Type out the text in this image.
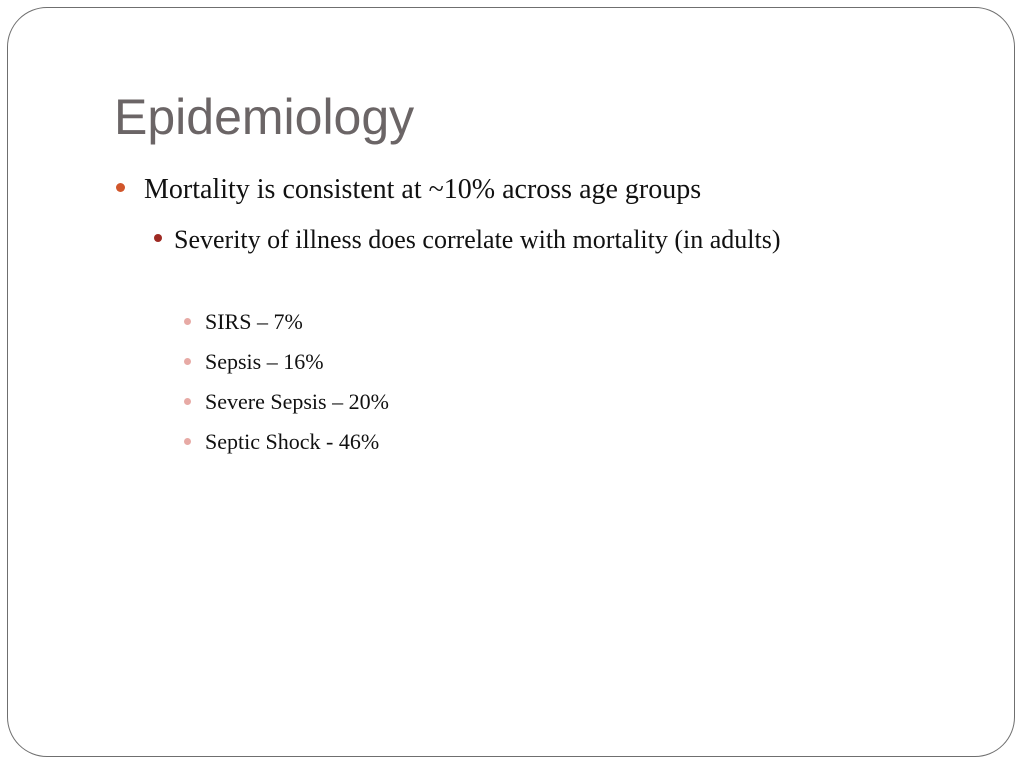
Epidemiology
Mortality is consistent at ~10% across age groups
Severity of illness does correlate with mortality (in adults)
SIRS – 7%
Sepsis – 16%
Severe Sepsis – 20%
Septic Shock - 46%
